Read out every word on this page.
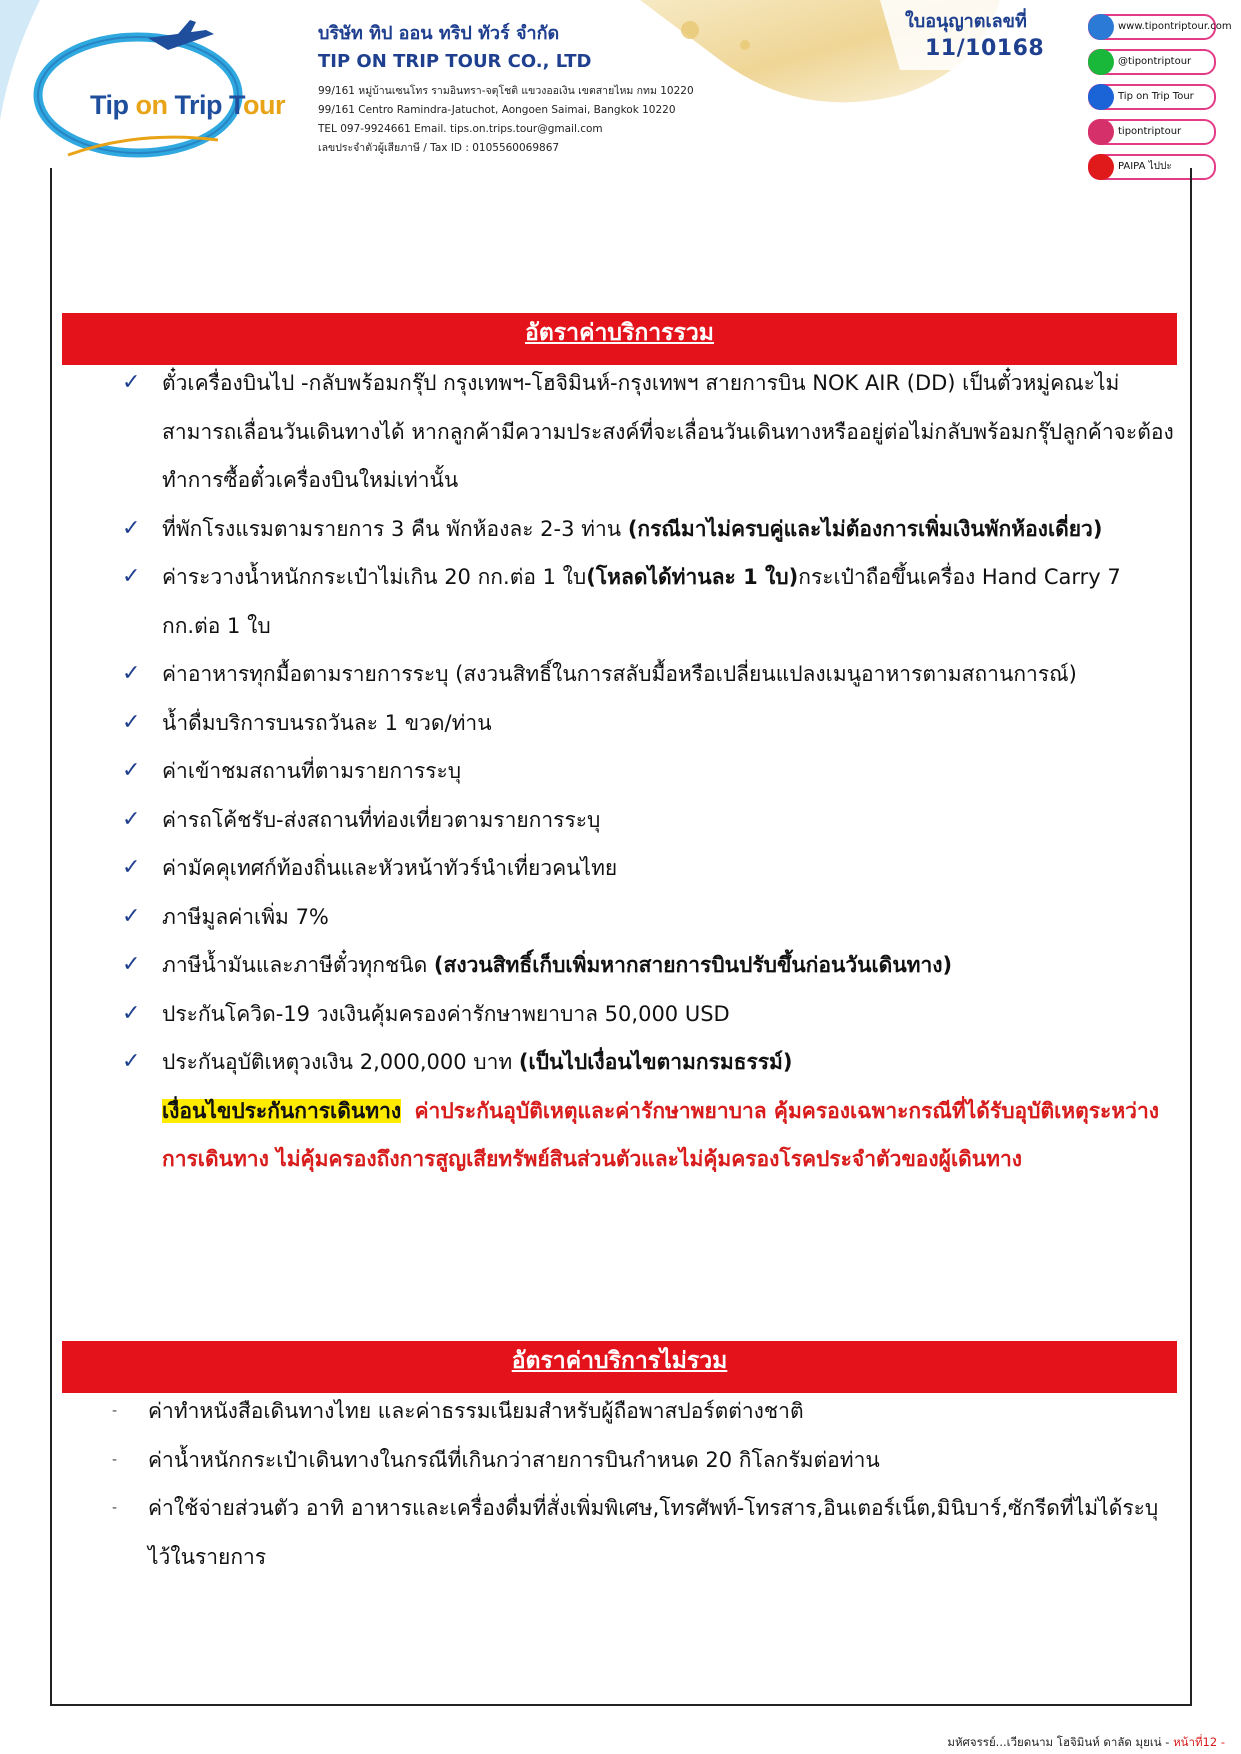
Tip on Trip Tour

บริษัท ทิป ออน ทริป ทัวร์ จำกัด

TIP ON TRIP TOUR CO., LTD

99/161 หมู่บ้านเซนโทร รามอินทรา-จตุโชติ แขวงออเงิน เขตสายไหม กทม 10220

99/161 Centro Ramindra-Jatuchot, Aongoen Saimai, Bangkok 10220

TEL 097-9924661 Email. tips.on.trips.tour@gmail.com

เลขประจำตัวผู้เสียภาษี / Tax ID : 0105560069867

ใบอนุญาตเลขที่
11/10168
www.tipontriptour.com
@tipontriptour
Tip on Trip Tour
tipontriptour
PAIPA ไปปะ
อัตราค่าบริการรวม
✓ ตั๋วเครื่องบินไป -กลับพร้อมกรุ๊ป กรุงเทพฯ-โฮจิมินห์-กรุงเทพฯ สายการบิน NOK AIR (DD) เป็นตั๋วหมู่คณะไม่สามารถเลื่อนวันเดินทางได้ หากลูกค้ามีความประสงค์ที่จะเลื่อนวันเดินทางหรืออยู่ต่อไม่กลับพร้อมกรุ๊ปลูกค้าจะต้องทำการซื้อตั๋วเครื่องบินใหม่เท่านั้น
✓ ที่พักโรงแรมตามรายการ 3 คืน พักห้องละ 2-3 ท่าน (กรณีมาไม่ครบคู่และไม่ต้องการเพิ่มเงินพักห้องเดี่ยว)
✓ ค่าระวางน้ำหนักกระเป๋าไม่เกิน 20 กก.ต่อ 1 ใบ(โหลดได้ท่านละ 1 ใบ)กระเป๋าถือขึ้นเครื่อง Hand Carry 7 กก.ต่อ 1 ใบ
✓ ค่าอาหารทุกมื้อตามรายการระบุ (สงวนสิทธิ์ในการสลับมื้อหรือเปลี่ยนแปลงเมนูอาหารตามสถานการณ์)
✓ น้ำดื่มบริการบนรถวันละ 1 ขวด/ท่าน
✓ ค่าเข้าชมสถานที่ตามรายการระบุ
✓ ค่ารถโค้ชรับ-ส่งสถานที่ท่องเที่ยวตามรายการระบุ
✓ ค่ามัคคุเทศก์ท้องถิ่นและหัวหน้าทัวร์นำเที่ยวคนไทย
✓ ภาษีมูลค่าเพิ่ม 7%
✓ ภาษีน้ำมันและภาษีตั๋วทุกชนิด (สงวนสิทธิ์เก็บเพิ่มหากสายการบินปรับขึ้นก่อนวันเดินทาง)
✓ ประกันโควิด-19 วงเงินคุ้มครองค่ารักษาพยาบาล 50,000 USD
✓ ประกันอุบัติเหตุวงเงิน 2,000,000 บาท (เป็นไปเงื่อนไขตามกรมธรรม์)
เงื่อนไขประกันการเดินทาง ค่าประกันอุบัติเหตุและค่ารักษาพยาบาล คุ้มครองเฉพาะกรณีที่ได้รับอุบัติเหตุระหว่างการเดินทาง ไม่คุ้มครองถึงการสูญเสียทรัพย์สินส่วนตัวและไม่คุ้มครองโรคประจำตัวของผู้เดินทาง
อัตราค่าบริการไม่รวม
- ค่าทำหนังสือเดินทางไทย และค่าธรรมเนียมสำหรับผู้ถือพาสปอร์ตต่างชาติ
- ค่าน้ำหนักกระเป๋าเดินทางในกรณีที่เกินกว่าสายการบินกำหนด 20 กิโลกรัมต่อท่าน
- ค่าใช้จ่ายส่วนตัว อาทิ อาหารและเครื่องดื่มที่สั่งเพิ่มพิเศษ,โทรศัพท์-โทรสาร,อินเตอร์เน็ต,มินิบาร์,ซักรีดที่ไม่ได้ระบุไว้ในรายการ
มหัศจรรย์...เวียดนาม โฮจิมินห์ ดาลัด มุยเน่ - หน้าที่12 -
